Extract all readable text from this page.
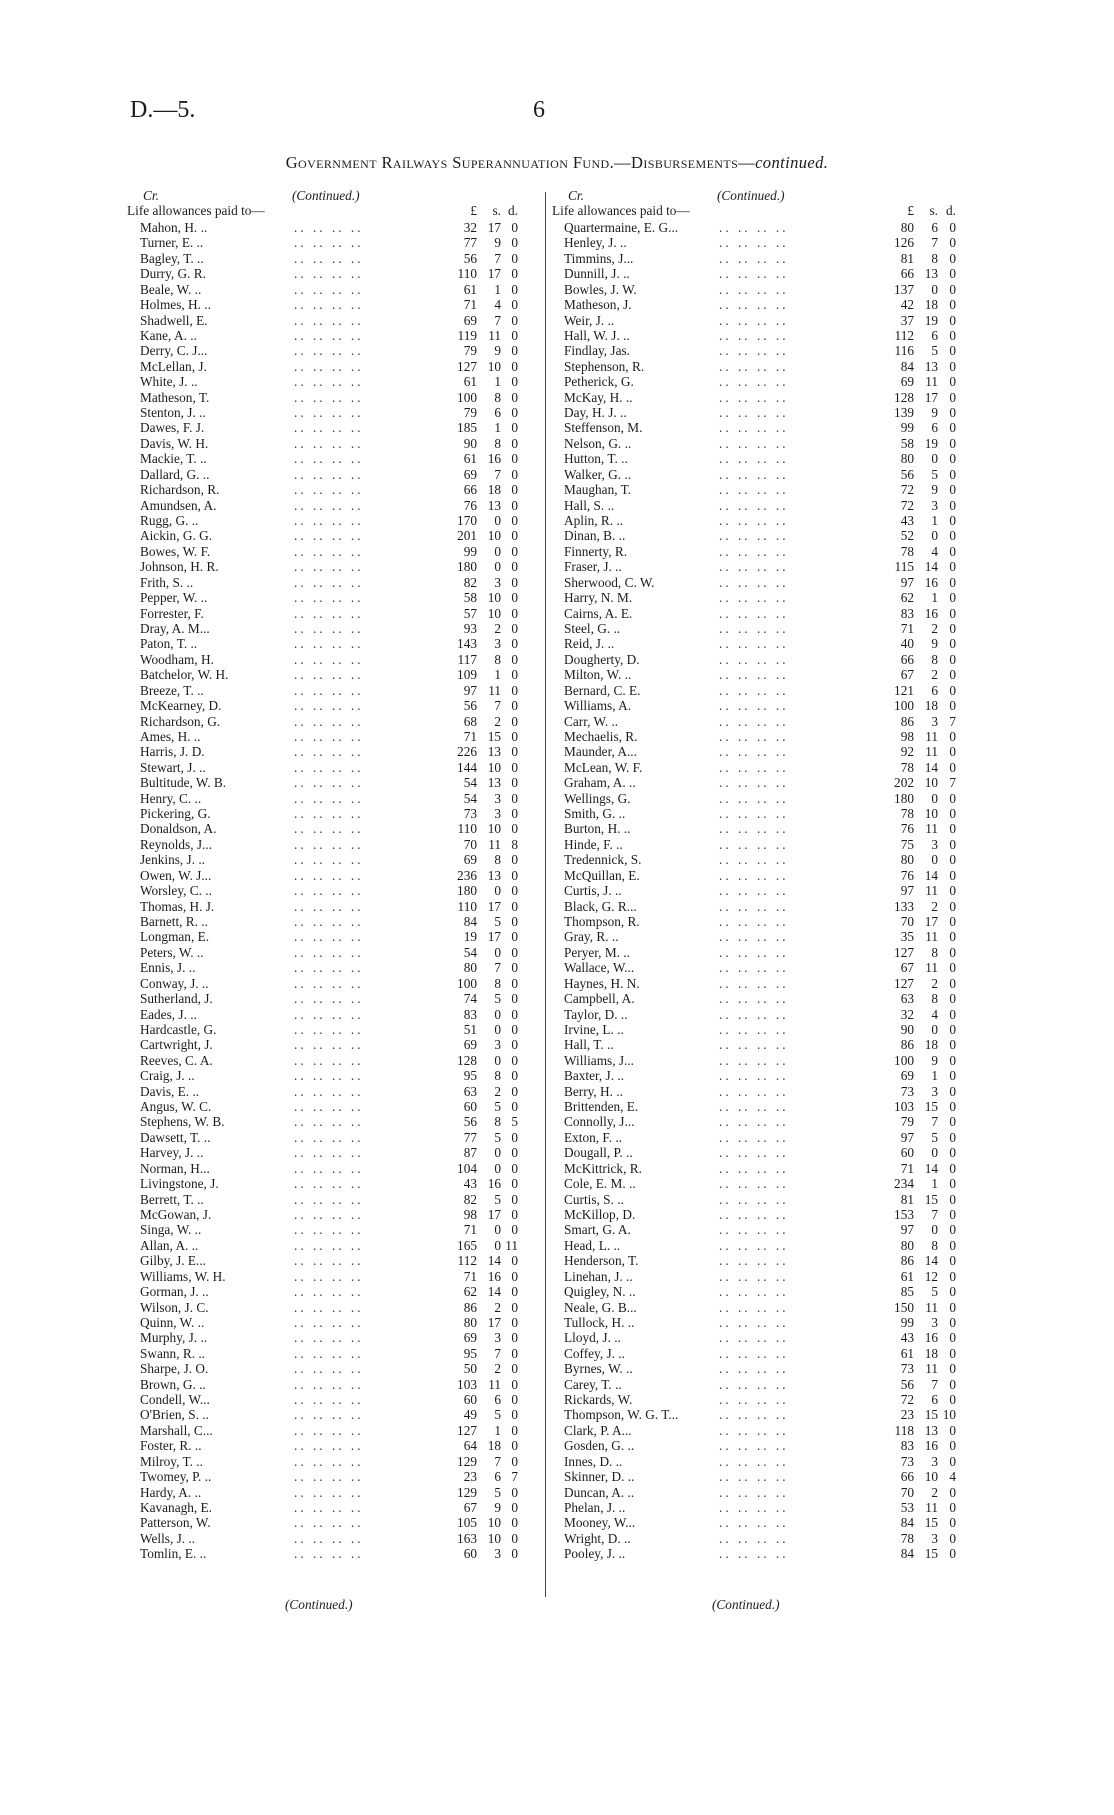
D.—5.	6
Government Railways Superannuation Fund.—Disbursements—continued.
Cr.	(Continued.)
Life allowances paid to—	£	s. d.
Mahon, H. ..	.. .. .. ..	32 17 0
Turner, E. ..	.. .. .. ..	77	9 0
Bagley, T. ..	.. .. .. ..	56	7 0
Durry, G. R.	.. .. .. ..	110 17 0
Beale, W. ..	.. .. .. ..	61	1 0
Holmes, H. ..	.. .. .. ..	71	4 0
Shadwell, E.	.. .. .. ..	69	7 0
Kane, A. ..	.. .. .. ..	119 11 0
Derry, C. J...	.. .. .. ..	79	9 0
McLellan, J.	.. .. .. ..	127 10 0
White, J. ..	.. .. .. ..	61	1 0
Matheson, T.	.. .. .. ..	100	8 0
Stenton, J. ..	.. .. .. ..	79	6 0
Dawes, F. J.	.. .. .. ..	185	1 0
Davis, W. H.	.. .. .. ..	90	8 0
Mackie, T. ..	.. .. .. ..	61 16 0
Dallard, G. ..	.. .. .. ..	69	7 0
Richardson, R.	.. .. .. ..	66 18 0
Amundsen, A.	.. .. .. ..	76 13 0
Rugg, G. ..	.. .. .. ..	170	0 0
Aickin, G. G.	.. .. .. ..	201 10 0
Bowes, W. F.	.. .. .. ..	99	0 0
Johnson, H. R.	.. .. .. ..	180	0 0
Frith, S. ..	.. .. .. ..	82	3 0
Pepper, W. ..	.. .. .. ..	58 10 0
Forrester, F.	.. .. .. ..	57 10 0
Dray, A. M...	.. .. .. ..	93	2 0
Paton, T. ..	.. .. .. ..	143	3 0
Woodham, H.	.. .. .. ..	117	8 0
Batchelor, W. H.	.. .. .. ..	109	1 0
Breeze, T. ..	.. .. .. ..	97 11 0
McKearney, D.	.. .. .. ..	56	7 0
Richardson, G.	.. .. .. ..	68	2 0
Ames, H. ..	.. .. .. ..	71 15 0
Harris, J. D.	.. .. .. ..	226 13 0
Stewart, J. ..	.. .. .. ..	144 10 0
Bultitude, W. B.	.. .. .. ..	54 13 0
Henry, C. ..	.. .. .. ..	54	3 0
Pickering, G.	.. .. .. ..	73	3 0
Donaldson, A.	.. .. .. ..	110 10 0
Reynolds, J...	.. .. .. ..	70 11 8
Jenkins, J. ..	.. .. .. ..	69	8 0
Owen, W. J...	.. .. .. ..	236 13 0
Worsley, C. ..	.. .. .. ..	180	0 0
Thomas, H. J.	.. .. .. ..	110 17 0
Barnett, R. ..	.. .. .. ..	84	5 0
Longman, E.	.. .. .. ..	19 17 0
Peters, W. ..	.. .. .. ..	54	0 0
Ennis, J. ..	.. .. .. ..	80	7 0
Conway, J. ..	.. .. .. ..	100	8 0
Sutherland, J.	.. .. .. ..	74	5 0
Eades, J. ..	.. .. .. ..	83	0 0
Hardcastle, G.	.. .. .. ..	51	0 0
Cartwright, J.	.. .. .. ..	69	3 0
Reeves, C. A.	.. .. .. ..	128	0 0
Craig, J. ..	.. .. .. ..	95	8 0
Davis, E. ..	.. .. .. ..	63	2 0
Angus, W. C.	.. .. .. ..	60	5 0
Stephens, W. B.	.. .. .. ..	56	8 5
Dawsett, T. ..	.. .. .. ..	77	5 0
Harvey, J. ..	.. .. .. ..	87	0 0
Norman, H...	.. .. .. ..	104	0 0
Livingstone, J.	.. .. .. ..	43 16 0
Berrett, T. ..	.. .. .. ..	82	5 0
McGowan, J.	.. .. .. ..	98 17 0
Singa, W. ..	.. .. .. ..	71	0 0
Allan, A. ..	.. .. .. ..	165	0 11
Gilby, J. E...	.. .. .. ..	112 14 0
Williams, W. H.	.. .. .. ..	71 16 0
Gorman, J. ..	.. .. .. ..	62 14 0
Wilson, J. C.	.. .. .. ..	86	2 0
Quinn, W. ..	.. .. .. ..	80 17 0
Murphy, J. ..	.. .. .. ..	69	3 0
Swann, R. ..	.. .. .. ..	95	7 0
Sharpe, J. O.	.. .. .. ..	50	2 0
Brown, G. ..	.. .. .. ..	103 11 0
Condell, W...	.. .. .. ..	60	6 0
O'Brien, S. ..	.. .. .. ..	49	5 0
Marshall, C...	.. .. .. ..	127	1 0
Foster, R. ..	.. .. .. ..	64 18 0
Milroy, T. ..	.. .. .. ..	129	7 0
Twomey, P. ..	.. .. .. ..	23	6 7
Hardy, A. ..	.. .. .. ..	129	5 0
Kavanagh, E.	.. .. .. ..	67	9 0
Patterson, W.	.. .. .. ..	105 10 0
Wells, J. ..	.. .. .. ..	163 10 0
Tomlin, E. ..	.. .. .. ..	60	3 0
(Continued.)
Cr.	(Continued.)
Life allowances paid to—	£	s. d.
Quartermaine, E. G...	.. .. .. ..	80	6 0
Henley, J. ..	.. .. .. ..	126	7 0
Timmins, J...	.. .. .. ..	81	8 0
Dunnill, J. ..	.. .. .. ..	66 13 0
Bowles, J. W.	.. .. .. ..	137	0 0
Matheson, J.	.. .. .. ..	42 18 0
Weir, J. ..	.. .. .. ..	37 19 0
Hall, W. J. ..	.. .. .. ..	112	6 0
Findlay, Jas.	.. .. .. ..	116	5 0
Stephenson, R.	.. .. .. ..	84 13 0
Petherick, G.	.. .. .. ..	69 11 0
McKay, H. ..	.. .. .. ..	128 17 0
Day, H. J. ..	.. .. .. ..	139	9 0
Steffenson, M.	.. .. .. ..	99	6 0
Nelson, G. ..	.. .. .. ..	58 19 0
Hutton, T. ..	.. .. .. ..	80	0 0
Walker, G. ..	.. .. .. ..	56	5 0
Maughan, T.	.. .. .. ..	72	9 0
Hall, S. ..	.. .. .. ..	72	3 0
Aplin, R. ..	.. .. .. ..	43	1 0
Dinan, B. ..	.. .. .. ..	52	0 0
Finnerty, R.	.. .. .. ..	78	4 0
Fraser, J. ..	.. .. .. ..	115 14 0
Sherwood, C. W.	.. .. .. ..	97 16 0
Harry, N. M.	.. .. .. ..	62	1 0
Cairns, A. E.	.. .. .. ..	83 16 0
Steel, G. ..	.. .. .. ..	71	2 0
Reid, J. ..	.. .. .. ..	40	9 0
Dougherty, D.	.. .. .. ..	66	8 0
Milton, W. ..	.. .. .. ..	67	2 0
Bernard, C. E.	.. .. .. ..	121	6 0
Williams, A.	.. .. .. ..	100 18 0
Carr, W. ..	.. .. .. ..	86	3 7
Mechaelis, R.	.. .. .. ..	98 11 0
Maunder, A...	.. .. .. ..	92 11 0
McLean, W. F.	.. .. .. ..	78 14 0
Graham, A. ..	.. .. .. ..	202 10 7
Wellings, G.	.. .. .. ..	180	0 0
Smith, G. ..	.. .. .. ..	78 10 0
Burton, H. ..	.. .. .. ..	76 11 0
Hinde, F. ..	.. .. .. ..	75	3 0
Tredennick, S.	.. .. .. ..	80	0 0
McQuillan, E.	.. .. .. ..	76 14 0
Curtis, J. ..	.. .. .. ..	97 11 0
Black, G. R...	.. .. .. ..	133	2 0
Thompson, R.	.. .. .. ..	70 17 0
Gray, R. ..	.. .. .. ..	35 11 0
Peryer, M. ..	.. .. .. ..	127	8 0
Wallace, W...	.. .. .. ..	67 11 0
Haynes, H. N.	.. .. .. ..	127	2 0
Campbell, A.	.. .. .. ..	63	8 0
Taylor, D. ..	.. .. .. ..	32	4 0
Irvine, L. ..	.. .. .. ..	90	0 0
Hall, T. ..	.. .. .. ..	86 18 0
Williams, J...	.. .. .. ..	100	9 0
Baxter, J. ..	.. .. .. ..	69	1 0
Berry, H. ..	.. .. .. ..	73	3 0
Brittenden, E.	.. .. .. ..	103 15 0
Connolly, J...	.. .. .. ..	79	7 0
Exton, F. ..	.. .. .. ..	97	5 0
Dougall, P. ..	.. .. .. ..	60	0 0
McKittrick, R.	.. .. .. ..	71 14 0
Cole, E. M. ..	.. .. .. ..	234	1 0
Curtis, S. ..	.. .. .. ..	81 15 0
McKillop, D.	.. .. .. ..	153	7 0
Smart, G. A.	.. .. .. ..	97	0 0
Head, L. ..	.. .. .. ..	80	8 0
Henderson, T.	.. .. .. ..	86 14 0
Linehan, J. ..	.. .. .. ..	61 12 0
Quigley, N. ..	.. .. .. ..	85	5 0
Neale, G. B...	.. .. .. ..	150 11 0
Tullock, H. ..	.. .. .. ..	99	3 0
Lloyd, J. ..	.. .. .. ..	43 16 0
Coffey, J. ..	.. .. .. ..	61 18 0
Byrnes, W. ..	.. .. .. ..	73 11 0
Carey, T. ..	.. .. .. ..	56	7 0
Rickards, W.	.. .. .. ..	72	6 0
Thompson, W. G. T...	.. .. .. ..	23 15 10
Clark, P. A...	.. .. .. ..	118 13 0
Gosden, G. ..	.. .. .. ..	83 16 0
Innes, D. ..	.. .. .. ..	73	3 0
Skinner, D. ..	.. .. .. ..	66 10 4
Duncan, A. ..	.. .. .. ..	70	2 0
Phelan, J. ..	.. .. .. ..	53 11 0
Mooney, W...	.. .. .. ..	84 15 0
Wright, D. ..	.. .. .. ..	78	3 0
Pooley, J. ..	.. .. .. ..	84 15 0
(Continued.)
